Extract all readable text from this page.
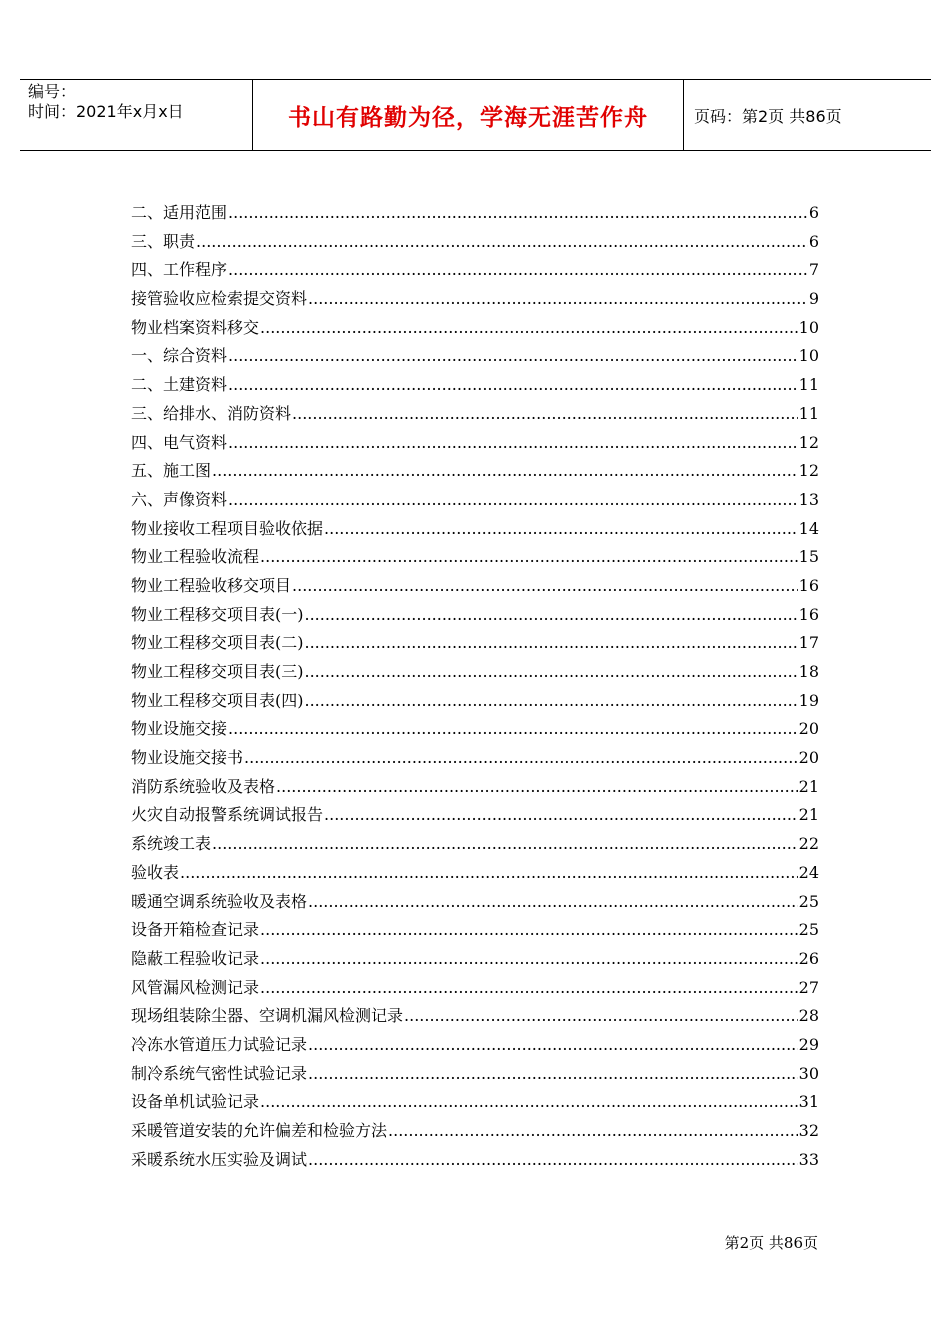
编号：
时间：2021年x月x日	书山有路勤为径，学海无涯苦作舟	页码：第2页 共86页
二、适用范围 .....	6
三、职责 .....	6
四、工作程序 .....	7
接管验收应检索提交资料 .....	9
物业档案资料移交 .....	10
一、综合资料 .....	10
二、土建资料 .....	11
三、给排水、消防资料 .....	11
四、电气资料 .....	12
五、施工图 .....	12
六、声像资料 .....	13
物业接收工程项目验收依据 .....	14
物业工程验收流程 .....	15
物业工程验收移交项目 .....	16
物业工程移交项目表(一) .....	16
物业工程移交项目表(二) .....	17
物业工程移交项目表(三) .....	18
物业工程移交项目表(四) .....	19
物业设施交接 .....	20
物业设施交接书 .....	20
消防系统验收及表格 .....	21
火灾自动报警系统调试报告 .....	21
系统竣工表 .....	22
验收表 .....	24
暖通空调系统验收及表格 .....	25
设备开箱检查记录 .....	25
隐蔽工程验收记录 .....	26
风管漏风检测记录 .....	27
现场组装除尘器、空调机漏风检测记录 .....	28
冷冻水管道压力试验记录 .....	29
制冷系统气密性试验记录 .....	30
设备单机试验记录 .....	31
采暖管道安装的允许偏差和检验方法 .....	32
采暖系统水压实验及调试 .....	33
第2页 共86页
